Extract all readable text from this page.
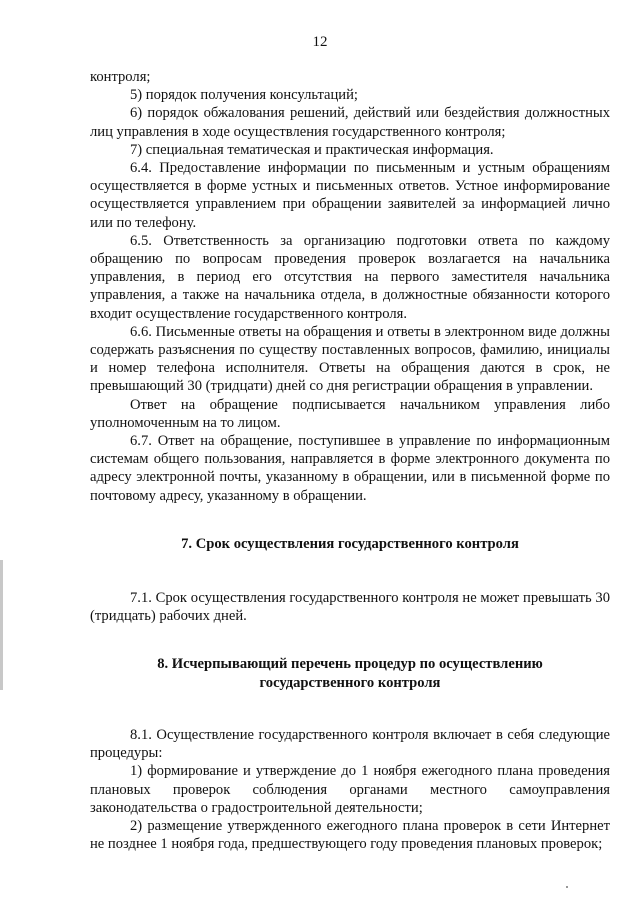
12

контроля;

5) порядок получения консультаций;

6) порядок обжалования решений, действий или бездействия должностных лиц управления в ходе осуществления государственного контроля;

7) специальная тематическая и практическая информация.

6.4. Предоставление информации по письменным и устным обращениям осуществляется в форме устных и письменных ответов. Устное информирование осуществляется управлением при обращении заявителей за информацией лично или по телефону.

6.5. Ответственность за организацию подготовки ответа по каждому обращению по вопросам проведения проверок возлагается на начальника управления, в период его отсутствия на первого заместителя начальника управления, а также на начальника отдела, в должностные обязанности которого входит осуществление государственного контроля.

6.6. Письменные ответы на обращения и ответы в электронном виде должны содержать разъяснения по существу поставленных вопросов, фамилию, инициалы и номер телефона исполнителя. Ответы на обращения даются в срок, не превышающий 30 (тридцати) дней со дня регистрации обращения в управлении.

Ответ на обращение подписывается начальником управления либо уполномоченным на то лицом.

6.7. Ответ на обращение, поступившее в управление по информационным системам общего пользования, направляется в форме электронного документа по адресу электронной почты, указанному в обращении, или в письменной форме по почтовому адресу, указанному в обращении.

7. Срок осуществления государственного контроля

7.1. Срок осуществления государственного контроля не может превышать 30 (тридцать) рабочих дней.

8. Исчерпывающий перечень процедур по осуществлению

государственного контроля

8.1. Осуществление государственного контроля включает в себя следующие процедуры:

1) формирование и утверждение до 1 ноября ежегодного плана проведения плановых проверок соблюдения органами местного самоуправления законодательства о градостроительной деятельности;

2) размещение утвержденного ежегодного плана проверок в сети Интернет не позднее 1 ноября года, предшествующего году проведения плановых проверок;
